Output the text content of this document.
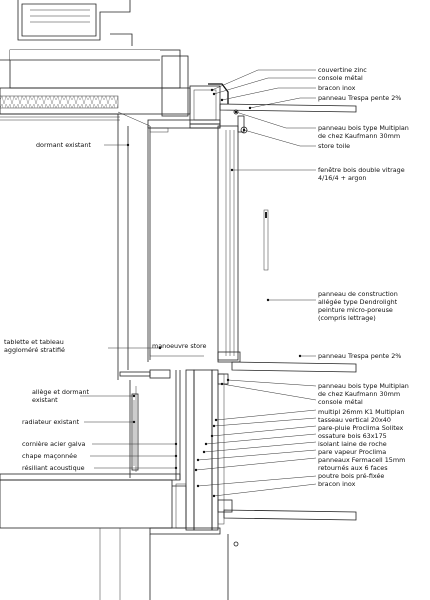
couvertine zinc
console métal
bracon inox
panneau Trespa pente 2%
panneau bois type Multiplan
de chez Kaufmann 30mm
store toile
fenêtre bois double vitrage
4/16/4 + argon
panneau de construction
allégée type Dendrolight
peinture micro-poreuse
(compris lettrage)
panneau Trespa pente 2%
panneau bois type Multiplan
de chez Kaufmann 30mm
console métal
multipl 26mm K1 Multiplan
tasseau vertical 20x40
pare-pluie Proclima Solitex
ossature bois 63x175
isolant laine de roche
pare vapeur Proclima
panneaux Fermacell 15mm
retournés aux 6 faces
poutre bois pré-fixée
bracon inox
dormant existant
tablette et tableau
aggloméré stratifié
allège et dormant
existant
radiateur existant
cornière acier galva
chape maçonnée
résiliant acoustique
manoeuvre store
